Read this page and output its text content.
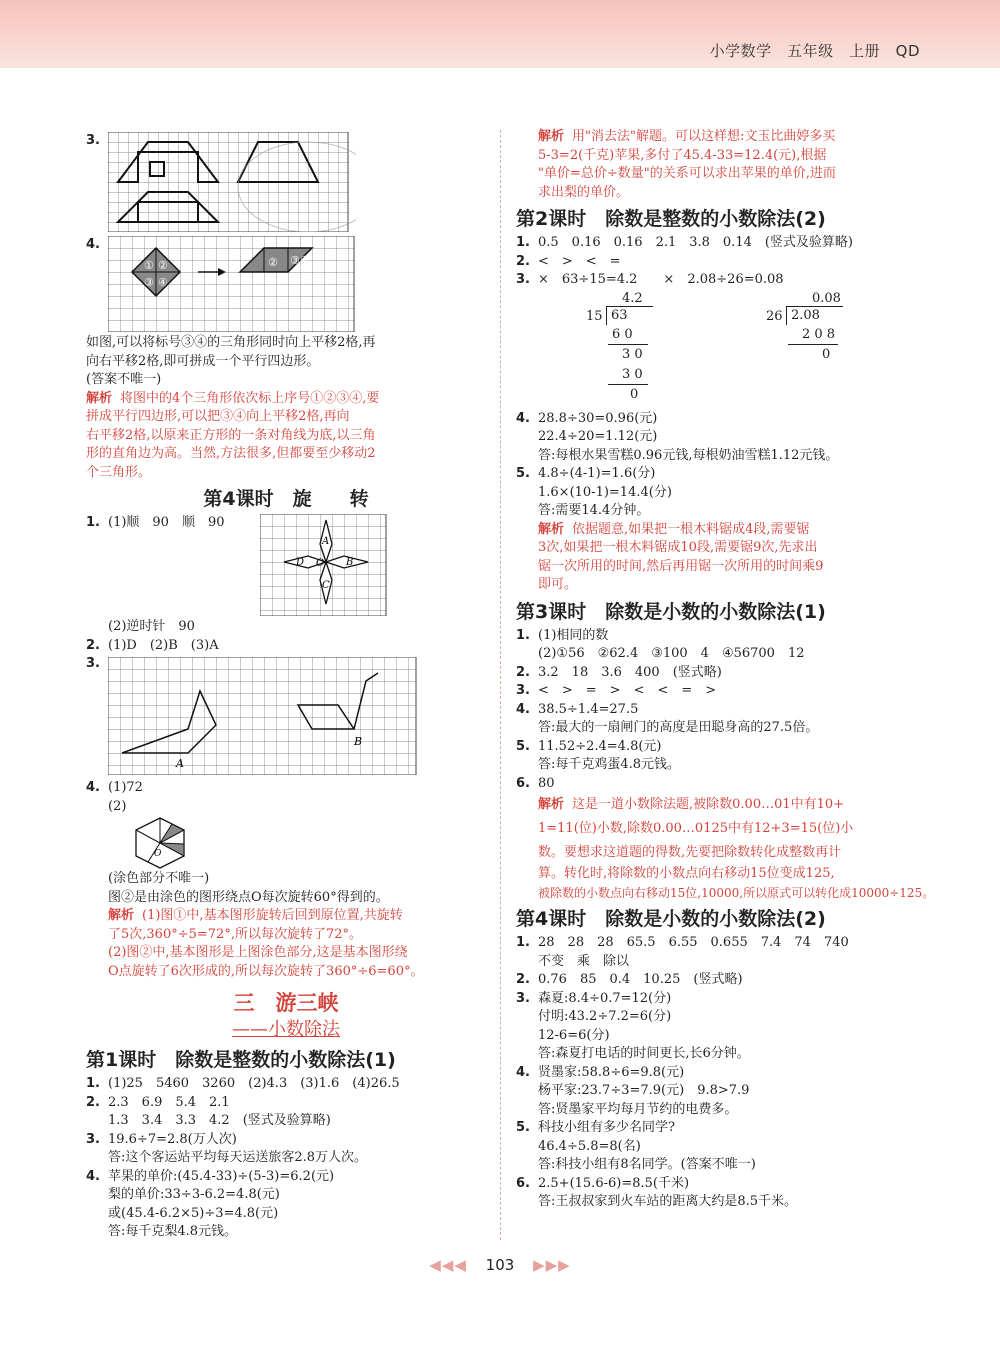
小学数学　五年级　上册　QD
3.
4.
① ②
③ ④
② ③ ④
如图,可以将标号③④的三角形同时向上平移2格,再
向右平移2格,即可拼成一个平行四边形。
(答案不唯一)
解析 将图中的4个三角形依次标上序号①②③④,要
拼成平行四边形,可以把③④向上平移2格,再向
右平移2格,以原来正方形的一条对角线为底,以三角
形的直角边为高。当然,方法很多,但都要至少移动2
个三角形。
第4课时　旋　　转
1. (1)顺　90　顺　90
A
B
C
D O
(2)逆时针　90
2. (1)D　(2)B　(3)A
3.
A
B
4. (1)72
(2)
O
(涂色部分不唯一)
图②是由涂色的图形绕点O每次旋转60°得到的。
解析 (1)图①中,基本图形旋转后回到原位置,共旋转
了5次,360°÷5=72°,所以每次旋转了72°。
(2)图②中,基本图形是上图涂色部分,这是基本图形绕
O点旋转了6次形成的,所以每次旋转了360°÷6=60°。
三　游三峡
——小数除法
第1课时　除数是整数的小数除法(1)
1. (1)25　5460　3260　(2)4.3　(3)1.6　(4)26.5
2. 2.3　6.9　5.4　2.1
1.3　3.4　3.3　4.2　(竖式及验算略)
3. 19.6÷7=2.8(万人次)
答:这个客运站平均每天运送旅客2.8万人次。
4. 苹果的单价:(45.4-33)÷(5-3)=6.2(元)
梨的单价:33÷3-6.2=4.8(元)
或(45.4-6.2×5)÷3=4.8(元)
答:每千克梨4.8元钱。
解析 用"消去法"解题。可以这样想:文玉比曲婷多买
5-3=2(千克)苹果,多付了45.4-33=12.4(元),根据
"单价=总价÷数量"的关系可以求出苹果的单价,进而
求出梨的单价。
第2课时　除数是整数的小数除法(2)
1. 0.5　0.16　0.16　2.1　3.8　0.14　(竖式及验算略)
2. <　>　<　=
3. ×　63÷15=4.2　　×　2.08÷26=0.08
4.2
15 63
6 0
3 0
3 0
0
0.08
26 2.08
2 0 8
0
4. 28.8÷30=0.96(元)
22.4÷20=1.12(元)
答:每根水果雪糕0.96元钱,每根奶油雪糕1.12元钱。
5. 4.8÷(4-1)=1.6(分)
1.6×(10-1)=14.4(分)
答:需要14.4分钟。
解析 依据题意,如果把一根木料锯成4段,需要锯
3次,如果把一根木料锯成10段,需要锯9次,先求出
锯一次所用的时间,然后再用锯一次所用的时间乘9
即可。
第3课时　除数是小数的小数除法(1)
1. (1)相同的数
(2)①56　②62.4　③100　4　④56700　12
2. 3.2　18　3.6　400　(竖式略)
3. <　>　=　>　<　<　=　>
4. 38.5÷1.4=27.5
答:最大的一扇闸门的高度是田聪身高的27.5倍。
5. 11.52÷2.4=4.8(元)
答:每千克鸡蛋4.8元钱。
6. 80
解析 这是一道小数除法题,被除数0.00…01中有10+
1=11(位)小数,除数0.00…0125中有12+3=15(位)小
数。要想求这道题的得数,先要把除数转化成整数再计
算。转化时,将除数的小数点向右移动15位变成125,
被除数的小数点向右移动15位,10000,所以原式可以转化成10000÷125。
第4课时　除数是小数的小数除法(2)
1. 28　28　28　65.5　6.55　0.655　7.4　74　740
不变　乘　除以
2. 0.76　85　0.4　10.25　(竖式略)
3. 森夏:8.4÷0.7=12(分)
付明:43.2÷7.2=6(分)
12-6=6(分)
答:森夏打电话的时间更长,长6分钟。
4. 贤墨家:58.8÷6=9.8(元)
杨平家:23.7÷3=7.9(元)　9.8>7.9
答:贤墨家平均每月节约的电费多。
5. 科技小组有多少名同学?
46.4÷5.8=8(名)
答:科技小组有8名同学。(答案不唯一)
6. 2.5+(15.6-6)=8.5(千米)
答:王叔叔家到火车站的距离大约是8.5千米。
◀◀◀ 103 ▶▶▶
